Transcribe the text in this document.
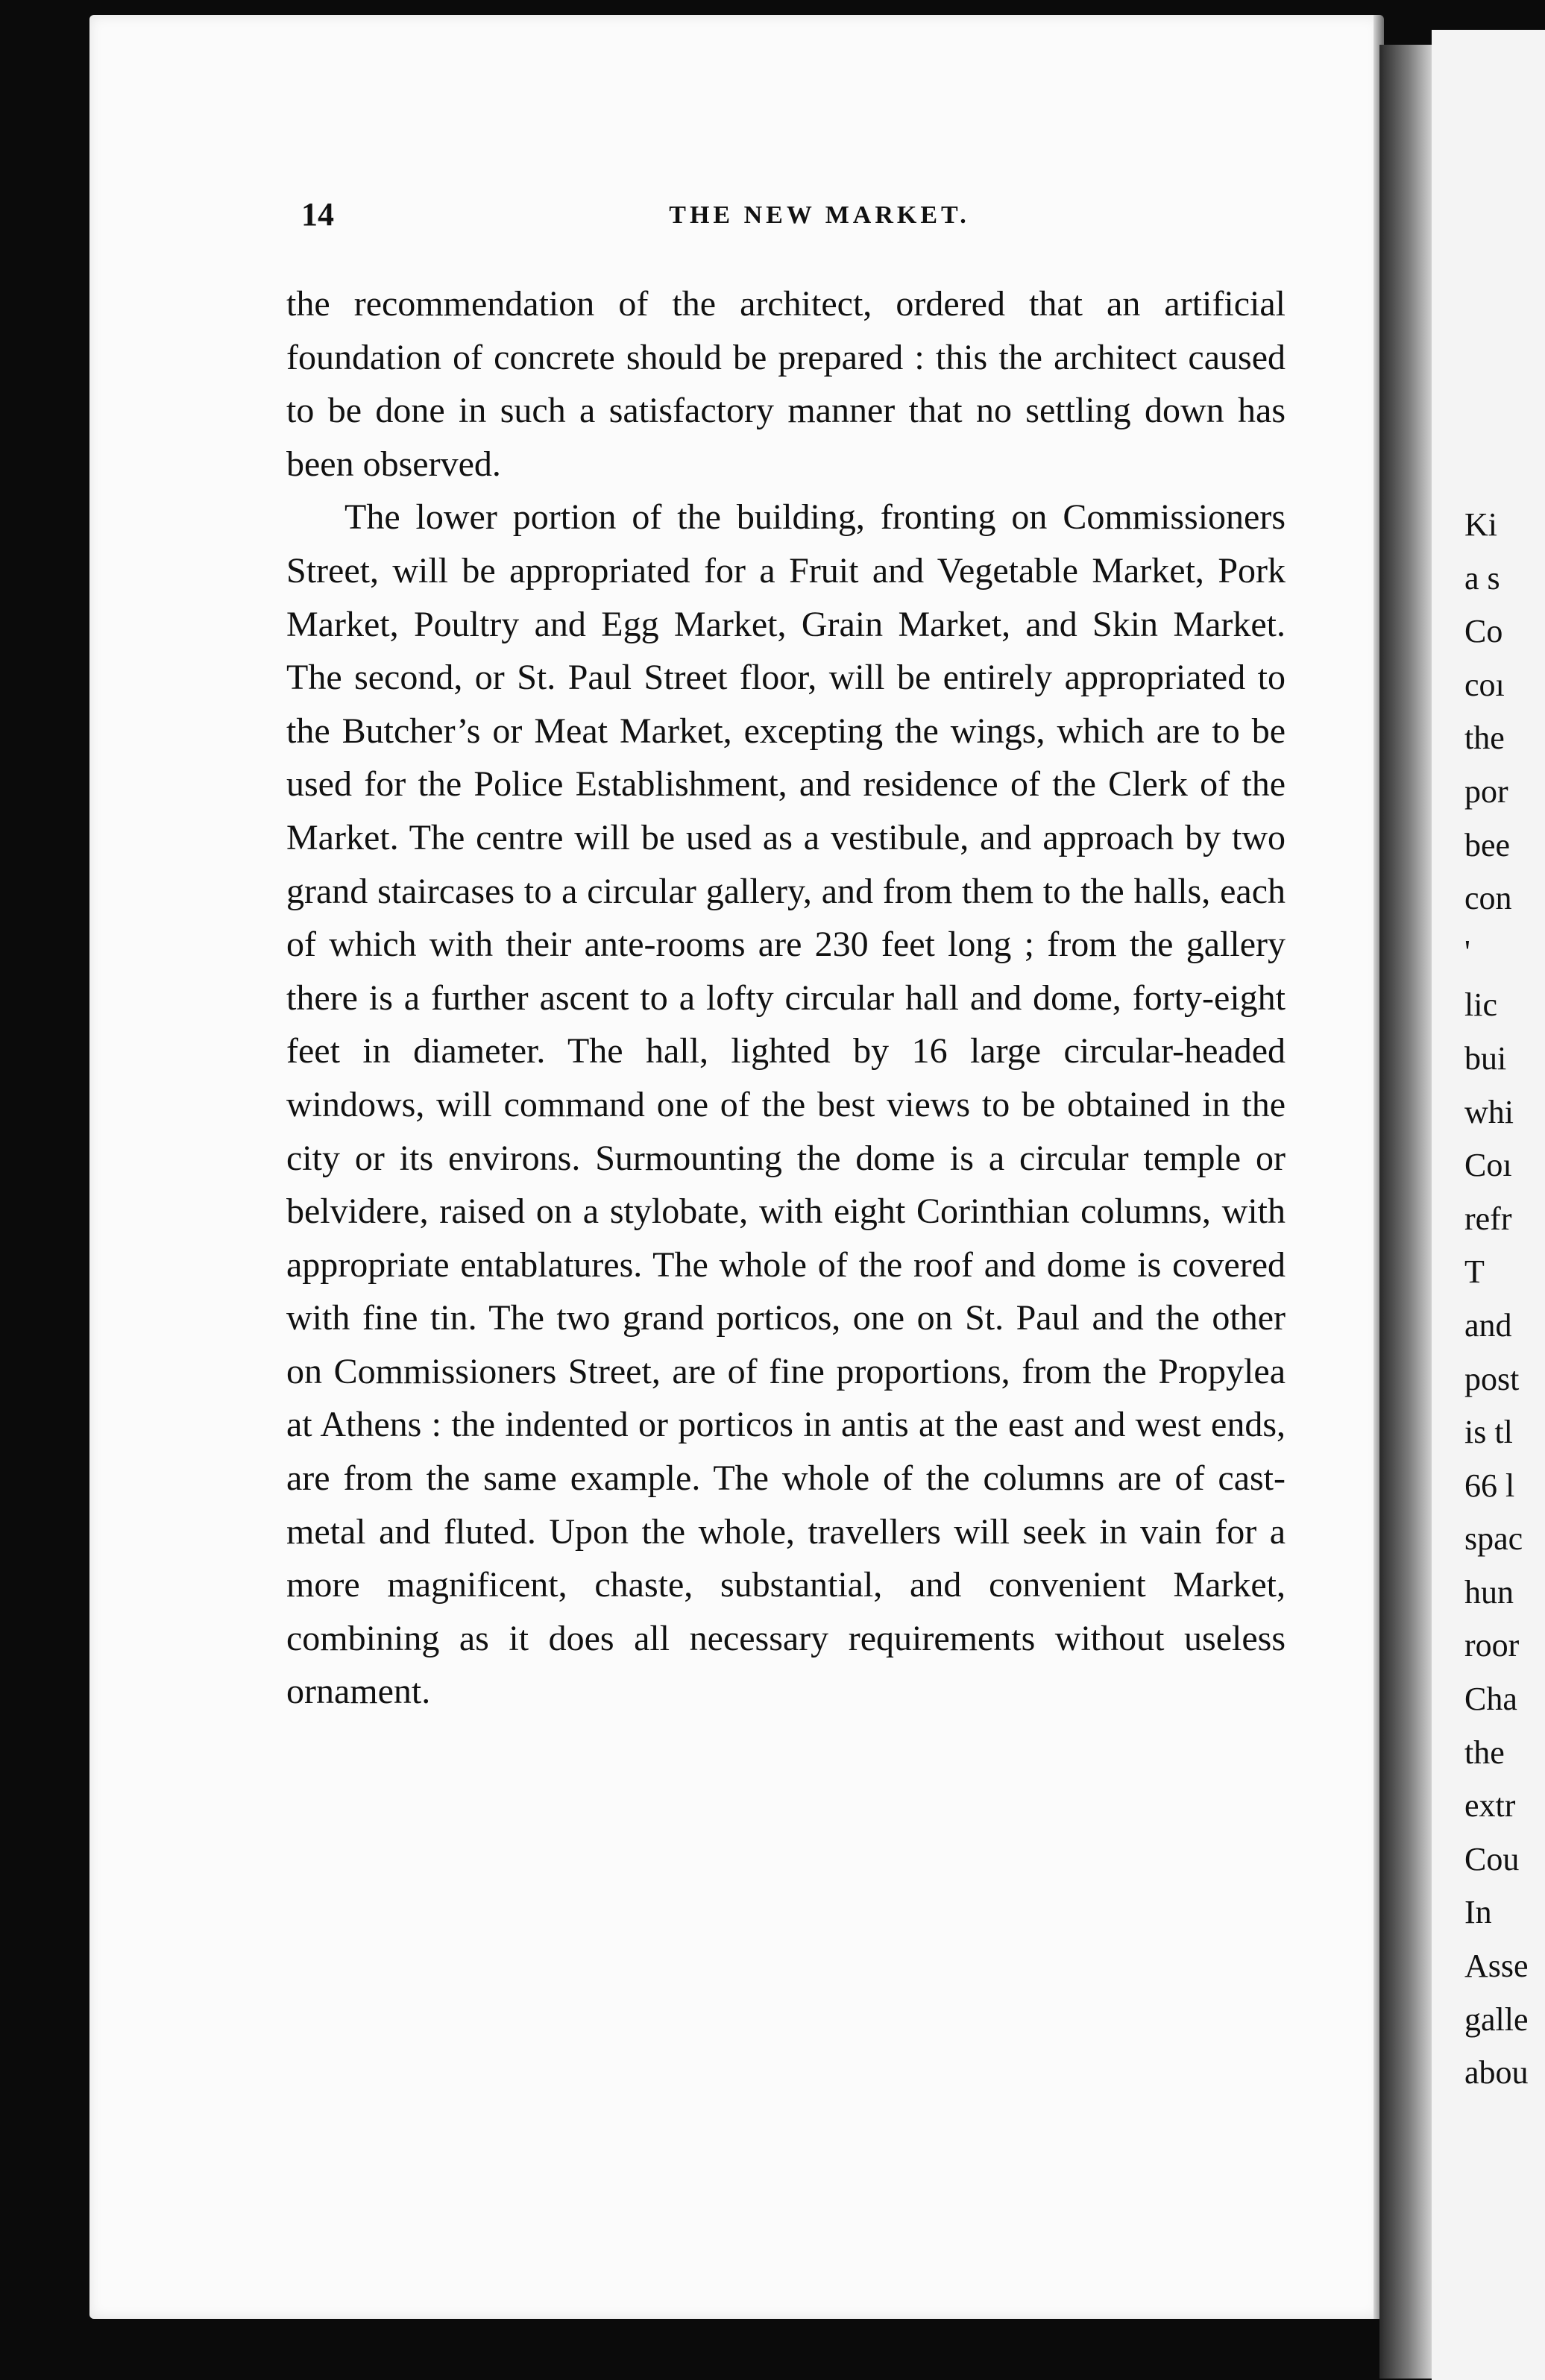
14	THE NEW MARKET.

the recommendation of the architect, ordered that an artificial foundation of concrete should be prepared : this the architect caused to be done in such a satisfactory manner that no settling down has been observed.

The lower portion of the building, fronting on Commissioners Street, will be appropriated for a Fruit and Vegetable Market, Pork Market, Poultry and Egg Market, Grain Market, and Skin Market. The second, or St. Paul Street floor, will be entirely appropriated to the Butcher’s or Meat Market, excepting the wings, which are to be used for the Police Establishment, and residence of the Clerk of the Market. The centre will be used as a vestibule, and approach by two grand staircases to a circular gallery, and from them to the halls, each of which with their ante-rooms are 230 feet long ; from the gallery there is a further ascent to a lofty circular hall and dome, forty-eight feet in diameter. The hall, lighted by 16 large circular-headed windows, will command one of the best views to be obtained in the city or its environs. Surmounting the dome is a circular temple or belvidere, raised on a stylobate, with eight Corinthian columns, with appropriate entablatures. The whole of the roof and dome is covered with fine tin. The two grand porticos, one on St. Paul and the other on Commissioners Street, are of fine proportions, from the Propylea at Athens : the indented or porticos in antis at the east and west ends, are from the same example. The whole of the columns are of cast-metal and fluted. Upon the whole, travellers will seek in vain for a more magnificent, chaste, substantial, and convenient Market, combining as it does all necessary requirements without useless ornament.

Ki
a s
Co
coı
the
por
bee
con
'
lic
bui
whi
Coı
refr
T
and
post
is tl
66 l
spac
hun
roor
Cha
the
extr
Cou
In
Asse
galle
abou
